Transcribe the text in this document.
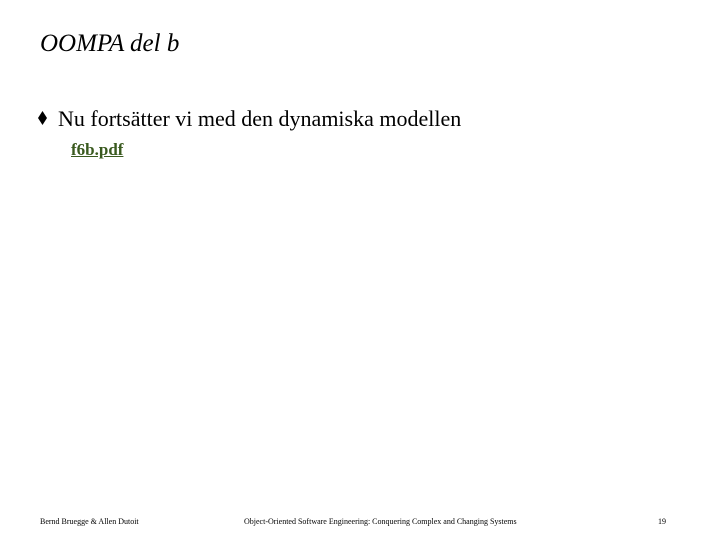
OOMPA del b
Nu fortsätter vi med den dynamiska modellen
f6b.pdf
Bernd Bruegge & Allen Dutoit	Object-Oriented Software Engineering: Conquering Complex and Changing Systems	19
